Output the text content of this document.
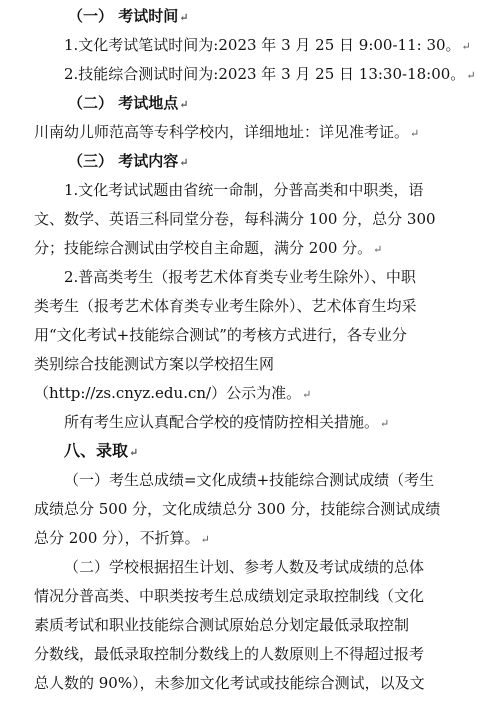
（一） 考试时间↵
1.文化考试笔试时间为:2023 年 3 月 25 日 9:00-11: 30。↵
2.技能综合测试时间为:2023 年 3 月 25 日 13:30-18:00。↵
（二） 考试地点↵
川南幼儿师范高等专科学校内，详细地址：详见准考证。↵
（三） 考试内容↵
1.文化考试试题由省统一命制，分普高类和中职类，语
文、数学、英语三科同堂分卷，每科满分 100 分，总分 300
分；技能综合测试由学校自主命题，满分 200 分。↵
2.普高类考生（报考艺术体育类专业考生除外）、中职
类考生（报考艺术体育类专业考生除外）、艺术体育生均采
用“文化考试+技能综合测试”的考核方式进行，各专业分
类别综合技能测试方案以学校招生网
（http://zs.cnyz.edu.cn/）公示为准。↵
所有考生应认真配合学校的疫情防控相关措施。↵
八、录取↵
（一）考生总成绩=文化成绩+技能综合测试成绩（考生
成绩总分 500 分，文化成绩总分 300 分，技能综合测试成绩
总分 200 分），不折算。↵
（二）学校根据招生计划、参考人数及考试成绩的总体
情况分普高类、中职类按考生总成绩划定录取控制线（文化
素质考试和职业技能综合测试原始总分划定最低录取控制
分数线，最低录取控制分数线上的人数原则上不得超过报考
总人数的 90%），未参加文化考试或技能综合测试，以及文
